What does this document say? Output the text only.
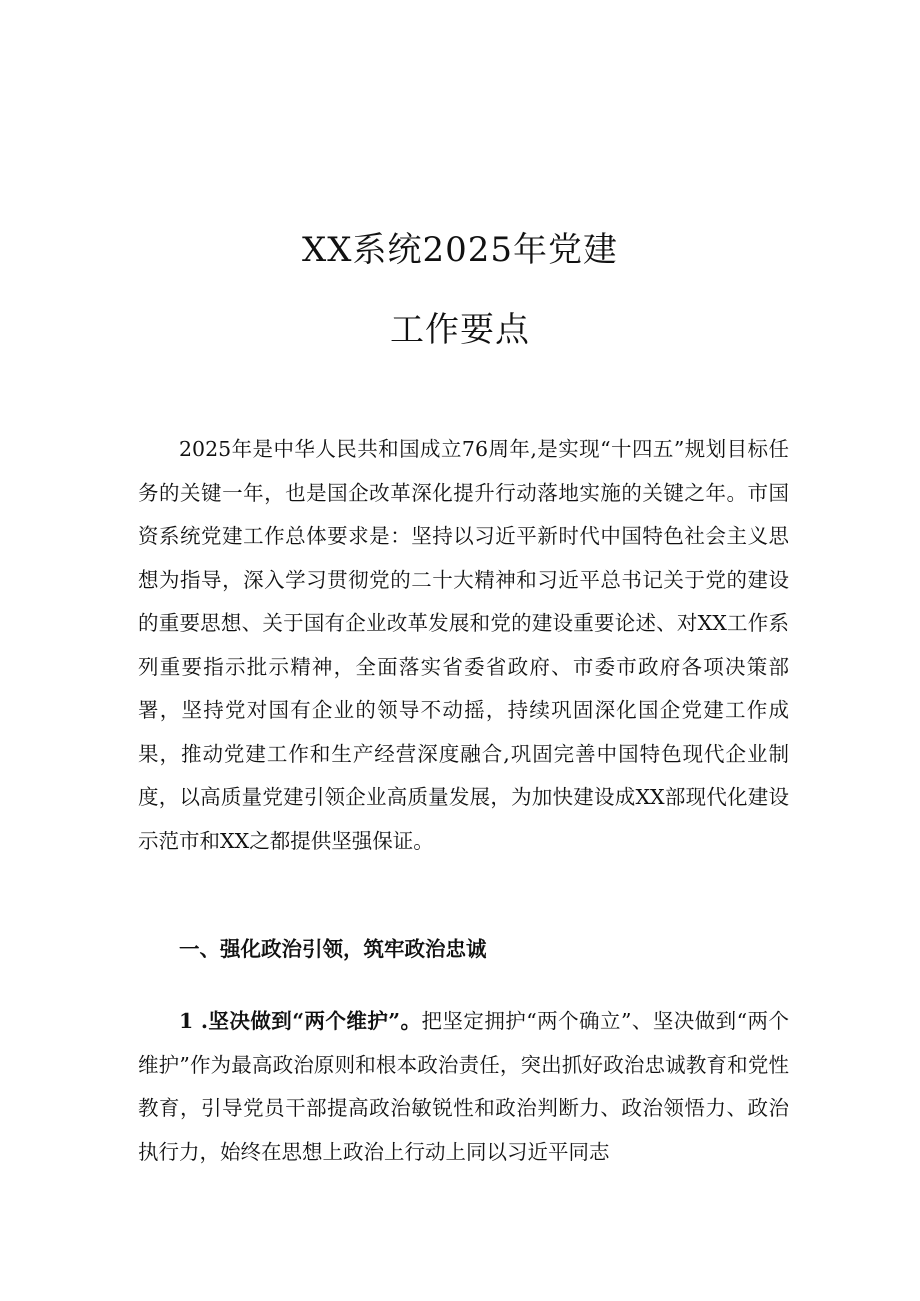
XX系统2025年党建
工作要点

2025年是中华人民共和国成立76周年,是实现“十四五”规划目标任务的关键一年，也是国企改革深化提升行动落地实施的关键之年。市国资系统党建工作总体要求是：坚持以习近平新时代中国特色社会主义思想为指导，深入学习贯彻党的二十大精神和习近平总书记关于党的建设的重要思想、关于国有企业改革发展和党的建设重要论述、对XX工作系列重要指示批示精神，全面落实省委省政府、市委市政府各项决策部署，坚持党对国有企业的领导不动摇，持续巩固深化国企党建工作成果，推动党建工作和生产经营深度融合,巩固完善中国特色现代企业制度，以高质量党建引领企业高质量发展，为加快建设成XX部现代化建设示范市和XX之都提供坚强保证。

一、强化政治引领，筑牢政治忠诚

1 .坚决做到“两个维护”。把坚定拥护“两个确立”、坚决做到“两个维护”作为最高政治原则和根本政治责任，突出抓好政治忠诚教育和党性教育，引导党员干部提高政治敏锐性和政治判断力、政治领悟力、政治执行力，始终在思想上政治上行动上同以习近平同志
